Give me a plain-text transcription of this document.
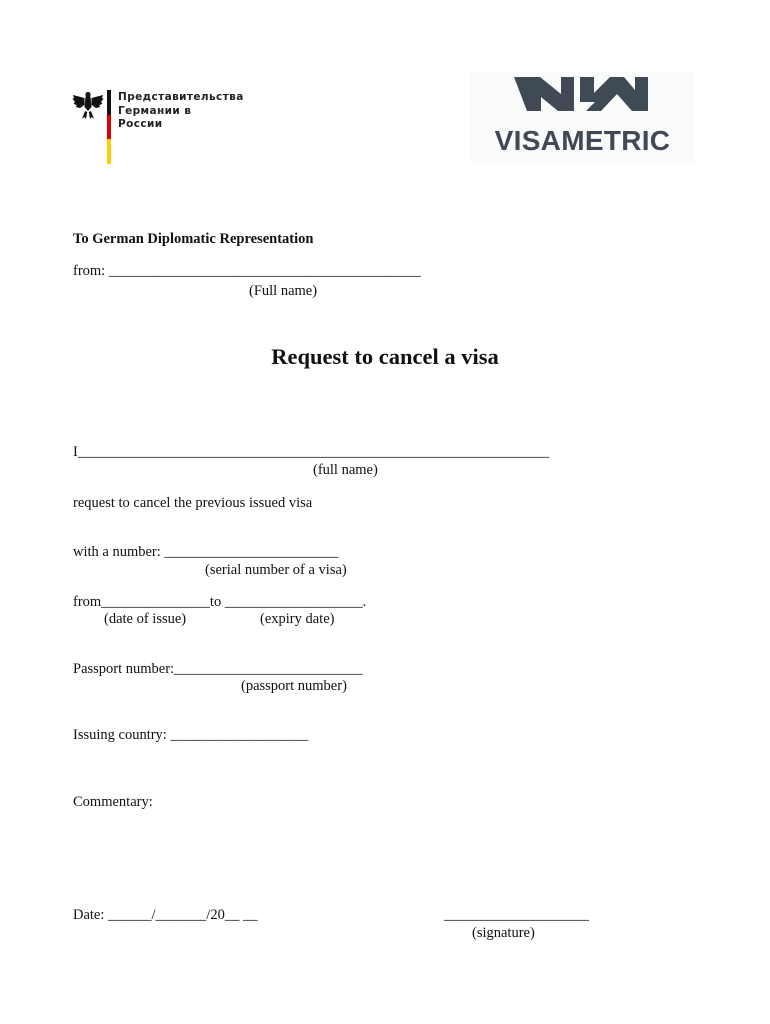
Представительства
Германии в
России
VISAMETRIC
To German Diplomatic Representation
from: ___________________________________________
(Full name)
Request to cancel a visa
I_________________________________________________________________
(full name)
request to cancel the previous issued visa
with a number: ________________________
(serial number of a visa)
from_______________to ___________________.
(date of issue)	(expiry date)
Passport number:__________________________
(passport number)
Issuing country: ___________________
Commentary:
Date: ______/_______/20__ __	____________________
(signature)
